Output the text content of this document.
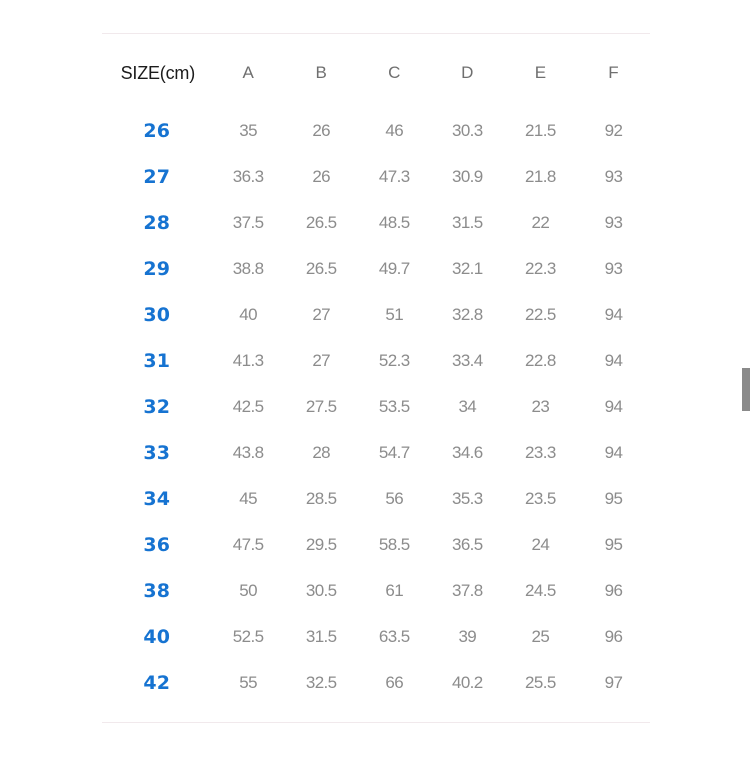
SIZE(cm)	A	B	C	D	E	F
26	35	26	46	30.3	21.5	92
27	36.3	26	47.3	30.9	21.8	93
28	37.5	26.5	48.5	31.5	22	93
29	38.8	26.5	49.7	32.1	22.3	93
30	40	27	51	32.8	22.5	94
31	41.3	27	52.3	33.4	22.8	94
32	42.5	27.5	53.5	34	23	94
33	43.8	28	54.7	34.6	23.3	94
34	45	28.5	56	35.3	23.5	95
36	47.5	29.5	58.5	36.5	24	95
38	50	30.5	61	37.8	24.5	96
40	52.5	31.5	63.5	39	25	96
42	55	32.5	66	40.2	25.5	97
